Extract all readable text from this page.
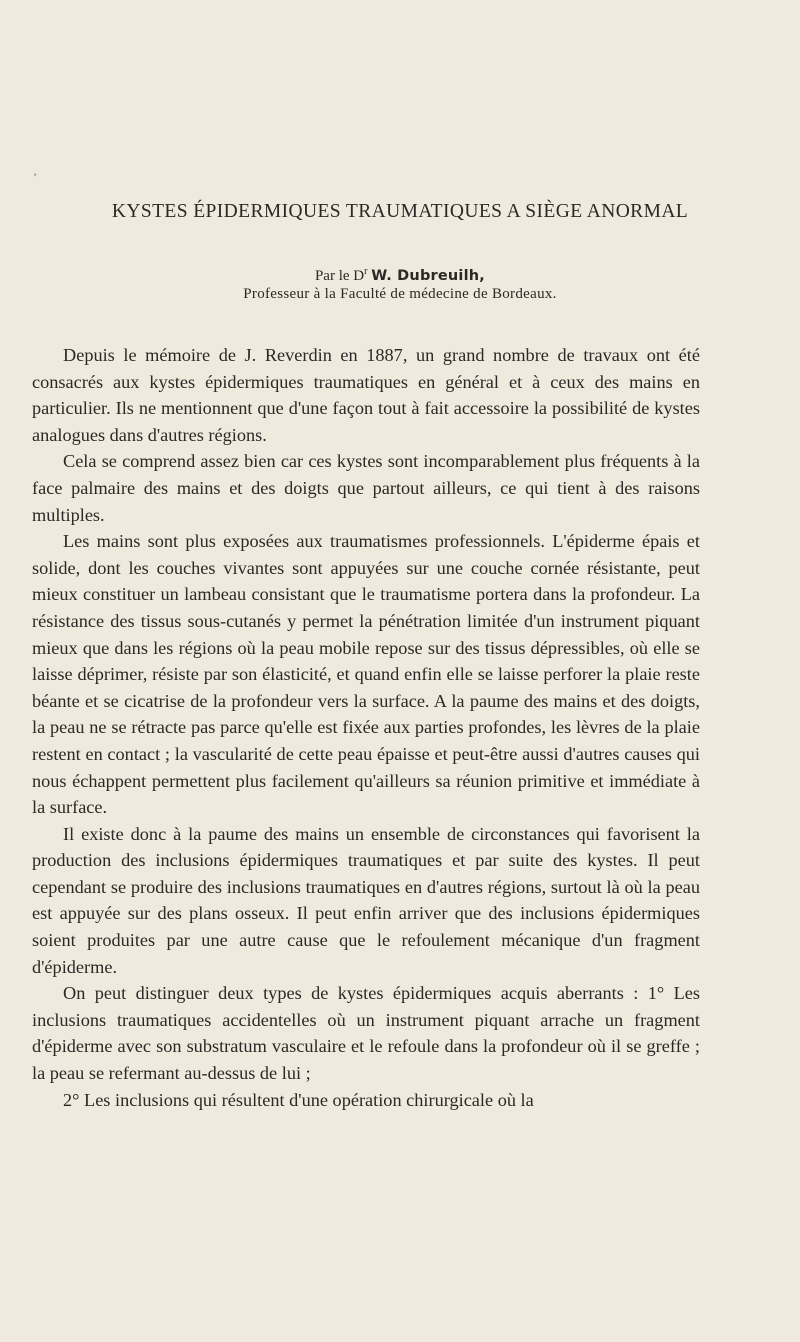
'
KYSTES ÉPIDERMIQUES TRAUMATIQUES A SIÈGE ANORMAL
Par le $D^r$ W. Dubreuilh,
Professeur à la Faculté de médecine de Bordeaux.

Depuis le mémoire de J. Reverdin en 1887, un grand nombre de travaux ont été consacrés aux kystes épidermiques traumatiques en général et à ceux des mains en particulier. Ils ne mentionnent que d'une façon tout à fait accessoire la possibilité de kystes analogues dans d'autres régions.

Cela se comprend assez bien car ces kystes sont incomparablement plus fréquents à la face palmaire des mains et des doigts que partout ailleurs, ce qui tient à des raisons multiples.

Les mains sont plus exposées aux traumatismes professionnels. L'épiderme épais et solide, dont les couches vivantes sont appuyées sur une couche cornée résistante, peut mieux constituer un lambeau consistant que le traumatisme portera dans la profondeur. La résistance des tissus sous-cutanés y permet la pénétration limitée d'un instrument piquant mieux que dans les régions où la peau mobile repose sur des tissus dépressibles, où elle se laisse déprimer, résiste par son élasticité, et quand enfin elle se laisse perforer la plaie reste béante et se cicatrise de la profondeur vers la surface. A la paume des mains et des doigts, la peau ne se rétracte pas parce qu'elle est fixée aux parties profondes, les lèvres de la plaie restent en contact ; la vascularité de cette peau épaisse et peut-être aussi d'autres causes qui nous échappent permettent plus facilement qu'ailleurs sa réunion primitive et immédiate à la surface.

Il existe donc à la paume des mains un ensemble de circonstances qui favorisent la production des inclusions épidermiques traumatiques et par suite des kystes. Il peut cependant se produire des inclusions traumatiques en d'autres régions, surtout là où la peau est appuyée sur des plans osseux. Il peut enfin arriver que des inclusions épidermiques soient produites par une autre cause que le refoulement mécanique d'un fragment d'épiderme.

On peut distinguer deux types de kystes épidermiques acquis aberrants : 1° Les inclusions traumatiques accidentelles où un instrument piquant arrache un fragment d'épiderme avec son substratum vasculaire et le refoule dans la profondeur où il se greffe ; la peau se refermant au-dessus de lui ;

2° Les inclusions qui résultent d'une opération chirurgicale où la
